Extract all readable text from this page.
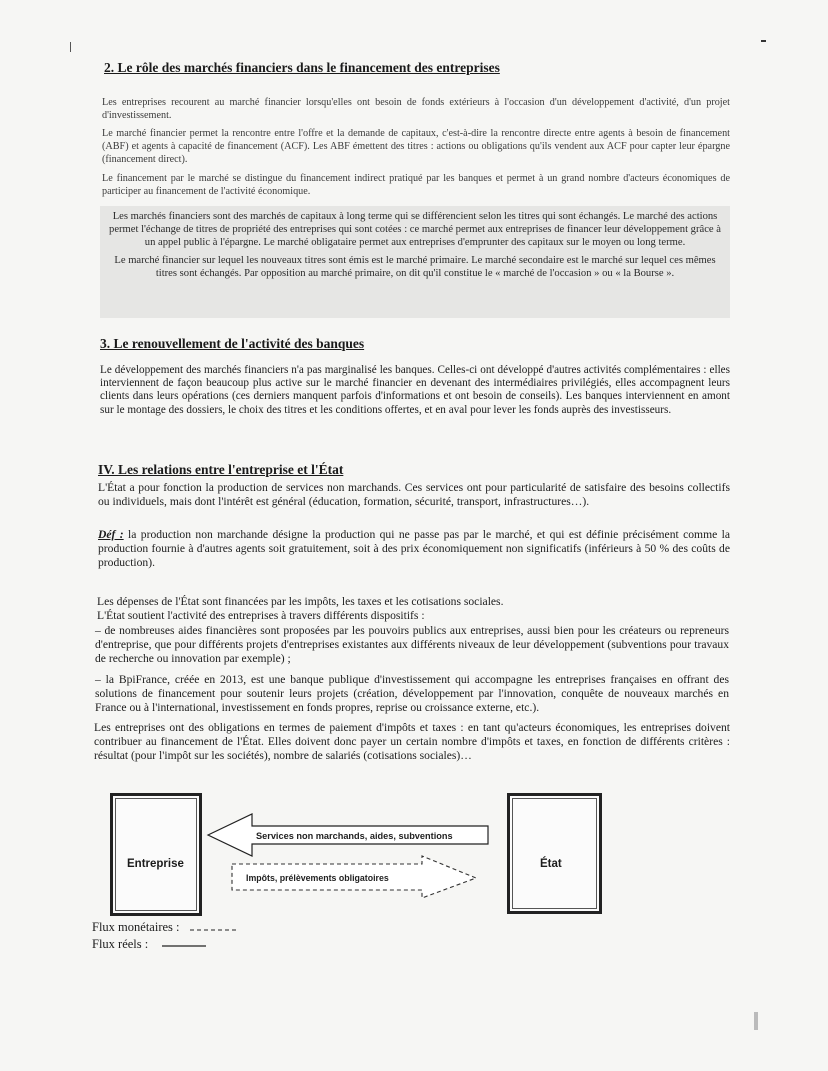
2. Le rôle des marchés financiers dans le financement des entreprises
Les entreprises recourent au marché financier lorsqu'elles ont besoin de fonds extérieurs à l'occasion d'un développement d'activité, d'un projet d'investissement.
Le marché financier permet la rencontre entre l'offre et la demande de capitaux, c'est-à-dire la rencontre directe entre agents à besoin de financement (ABF) et agents à capacité de financement (ACF). Les ABF émettent des titres : actions ou obligations qu'ils vendent aux ACF pour capter leur épargne (financement direct).
Le financement par le marché se distingue du financement indirect pratiqué par les banques et permet à un grand nombre d'acteurs économiques de participer au financement de l'activité économique.
Les marchés financiers sont des marchés de capitaux à long terme qui se différencient selon les titres qui sont échangés. Le marché des actions permet l'échange de titres de propriété des entreprises qui sont cotées : ce marché permet aux entreprises de financer leur développement grâce à un appel public à l'épargne. Le marché obligataire permet aux entreprises d'emprunter des capitaux sur le moyen ou long terme.
Le marché financier sur lequel les nouveaux titres sont émis est le marché primaire. Le marché secondaire est le marché sur lequel ces mêmes titres sont échangés. Par opposition au marché primaire, on dit qu'il constitue le « marché de l'occasion » ou « la Bourse ».
3. Le renouvellement de l'activité des banques
Le développement des marchés financiers n'a pas marginalisé les banques. Celles-ci ont développé d'autres activités complémentaires : elles interviennent de façon beaucoup plus active sur le marché financier en devenant des intermédiaires privilégiés, elles accompagnent leurs clients dans leurs opérations (ces derniers manquent parfois d'informations et ont besoin de conseils). Les banques interviennent en amont sur le montage des dossiers, le choix des titres et les conditions offertes, et en aval pour lever les fonds auprès des investisseurs.
IV. Les relations entre l'entreprise et l'État
L'État a pour fonction la production de services non marchands. Ces services ont pour particularité de satisfaire des besoins collectifs ou individuels, mais dont l'intérêt est général (éducation, formation, sécurité, transport, infrastructures…).
Déf : la production non marchande désigne la production qui ne passe pas par le marché, et qui est définie précisément comme la production fournie à d'autres agents soit gratuitement, soit à des prix économiquement non significatifs (inférieurs à 50 % des coûts de production).
Les dépenses de l'État sont financées par les impôts, les taxes et les cotisations sociales.
L'État soutient l'activité des entreprises à travers différents dispositifs :
– de nombreuses aides financières sont proposées par les pouvoirs publics aux entreprises, aussi bien pour les créateurs ou repreneurs d'entreprise, que pour différents projets d'entreprises existantes aux différents niveaux de leur développement (subventions pour travaux de recherche ou innovation par exemple) ;
– la BpiFrance, créée en 2013, est une banque publique d'investissement qui accompagne les entreprises françaises en offrant des solutions de financement pour soutenir leurs projets (création, développement par l'innovation, conquête de nouveaux marchés en France ou à l'international, investissement en fonds propres, reprise ou croissance externe, etc.).
Les entreprises ont des obligations en termes de paiement d'impôts et taxes : en tant qu'acteurs économiques, les entreprises doivent contribuer au financement de l'État. Elles doivent donc payer un certain nombre d'impôts et taxes, en fonction de différents critères : résultat (pour l'impôt sur les sociétés), nombre de salariés (cotisations sociales)…
Entreprise	État
Services non marchands, aides, subventions
Impôts, prélèvements obligatoires
Flux monétaires :
Flux réels :
